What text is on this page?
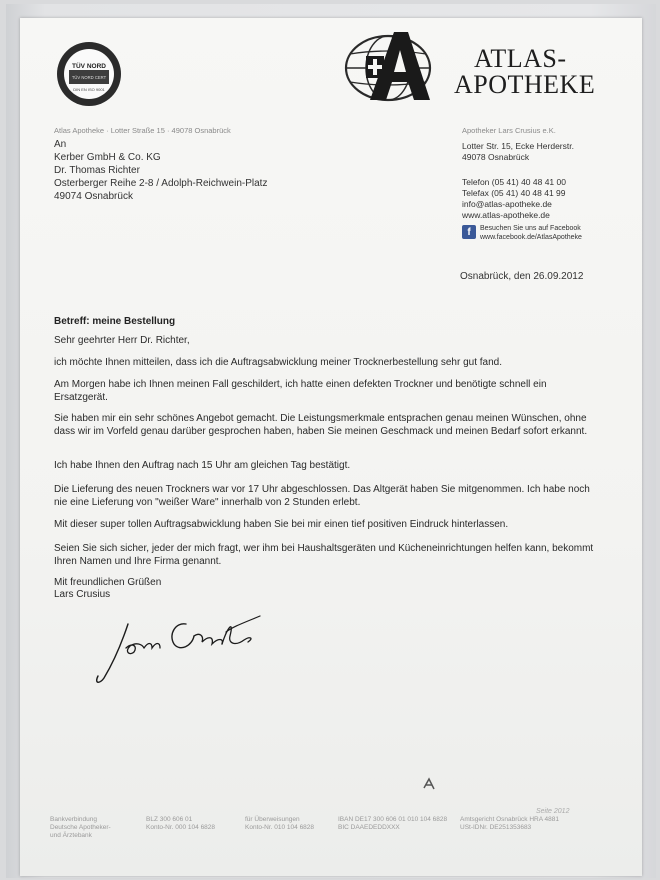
TÜV NORD
TÜV NORD CERT
DIN EN ISO 9001
ATLAS-
APOTHEKE
Atlas Apotheke · Lotter Straße 15 · 49078 Osnabrück	Apotheker Lars Crusius e.K.
An
Kerber GmbH & Co. KG
Dr. Thomas Richter
Osterberger Reihe 2-8 / Adolph-Reichwein-Platz
49074 Osnabrück
Lotter Str. 15, Ecke Herderstr.
49078 Osnabrück
Telefon (05 41) 40 48 41 00
Telefax (05 41) 40 48 41 99
info@atlas-apotheke.de
www.atlas-apotheke.de
f	Besuchen Sie uns auf Facebook
www.facebook.de/AtlasApotheke
Osnabrück, den 26.09.2012
Betreff: meine Bestellung
Sehr geehrter Herr Dr. Richter,
ich möchte Ihnen mitteilen, dass ich die Auftragsabwicklung meiner Trocknerbestellung sehr gut fand.
Am Morgen habe ich Ihnen meinen Fall geschildert, ich hatte einen defekten Trockner und benötigte schnell ein Ersatzgerät.
Sie haben mir ein sehr schönes Angebot gemacht. Die Leistungsmerkmale entsprachen genau meinen Wünschen, ohne dass wir im Vorfeld genau darüber gesprochen haben, haben Sie meinen Geschmack und meinen Bedarf sofort erkannt.
Ich habe Ihnen den Auftrag nach 15 Uhr am gleichen Tag bestätigt.
Die Lieferung des neuen Trockners war vor 17 Uhr abgeschlossen. Das Altgerät haben Sie mitgenommen. Ich habe noch nie eine Lieferung von "weißer Ware" innerhalb von 2 Stunden erlebt.
Mit dieser super tollen Auftragsabwicklung haben Sie bei mir einen tief positiven Eindruck hinterlassen.
Seien Sie sich sicher, jeder der mich fragt, wer ihm bei Haushaltsgeräten und Kücheneinrichtungen helfen kann, bekommt Ihren Namen und Ihre Firma genannt.
Mit freundlichen Grüßen
Lars Crusius
Seite 2012
Bankverbindung
Deutsche Apotheker-
und Ärztebank
BLZ 300 606 01
Konto-Nr. 000 104 6828
für Überweisungen
Konto-Nr. 010 104 6828
IBAN DE17 300 606 01 010 104 6828
BIC DAAEDEDDXXX
Amtsgericht Osnabrück HRA 4881
USt-IDNr. DE251353683
